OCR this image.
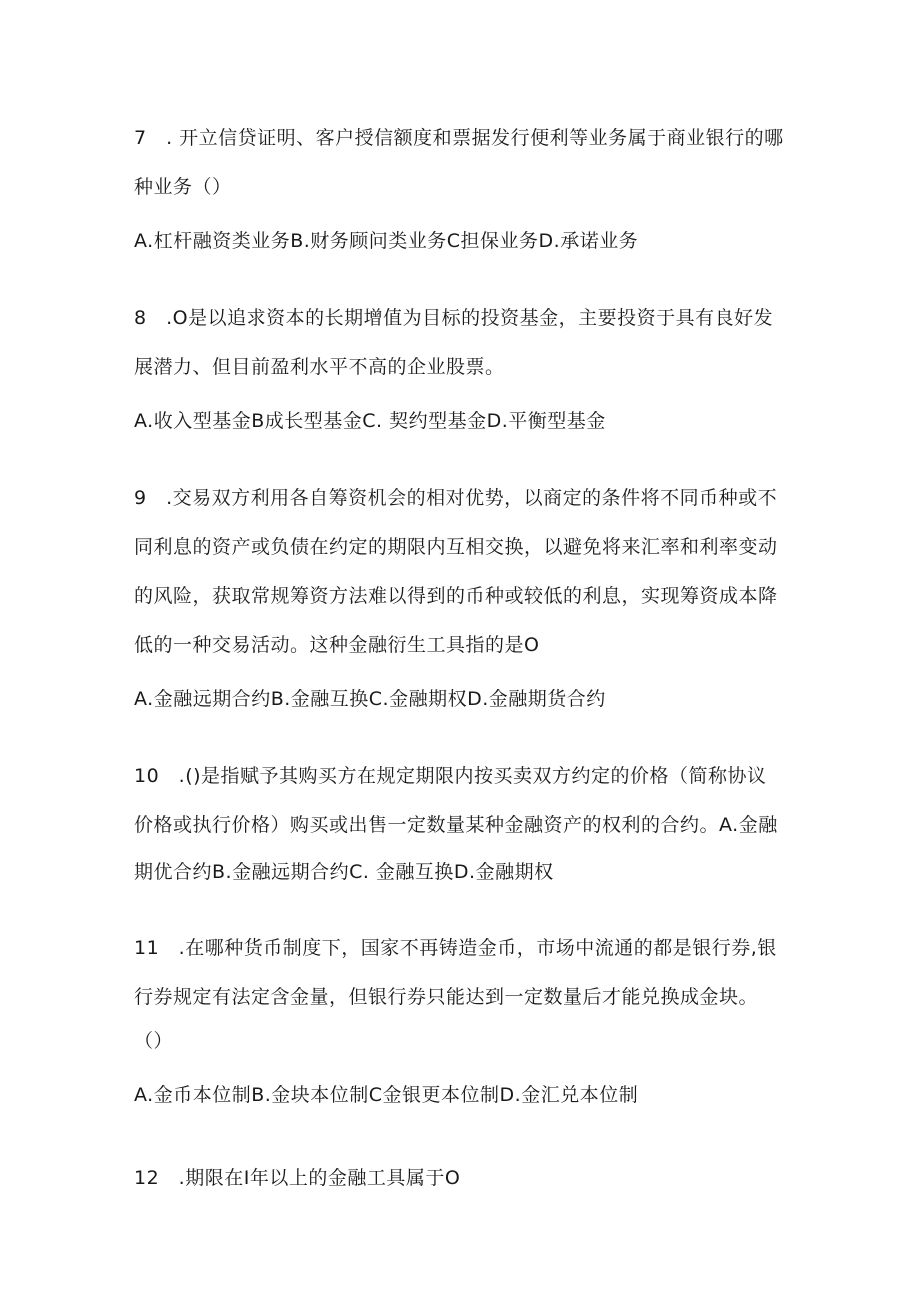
7　. 开立信贷证明、客户授信额度和票据发行便利等业务属于商业银行的哪
种业务（）
A.杠杆融资类业务B.财务顾问类业务C担保业务D.承诺业务
8　.O是以追求资本的长期增值为目标的投资基金，主要投资于具有良好发
展潜力、但目前盈利水平不高的企业股票。
A.收入型基金B成长型基金C. 契约型基金D.平衡型基金
9　.交易双方利用各自筹资机会的相对优势，以商定的条件将不同币种或不
同利息的资产或负债在约定的期限内互相交换，以避免将来汇率和利率变动
的风险，获取常规筹资方法难以得到的币种或较低的利息，实现筹资成本降
低的一种交易活动。这种金融衍生工具指的是O
A.金融远期合约B.金融互换C.金融期权D.金融期货合约
10　.()是指赋予其购买方在规定期限内按买卖双方约定的价格（简称协议
价格或执行价格）购买或出售一定数量某种金融资产的权利的合约。A.金融
期优合约B.金融远期合约C. 金融互换D.金融期权
11　.在哪种货币制度下，国家不再铸造金币，市场中流通的都是银行券,银
行券规定有法定含金量，但银行券只能达到一定数量后才能兑换成金块。
（）
A.金币本位制B.金块本位制C金银更本位制D.金汇兑本位制
12　.期限在I年以上的金融工具属于O
